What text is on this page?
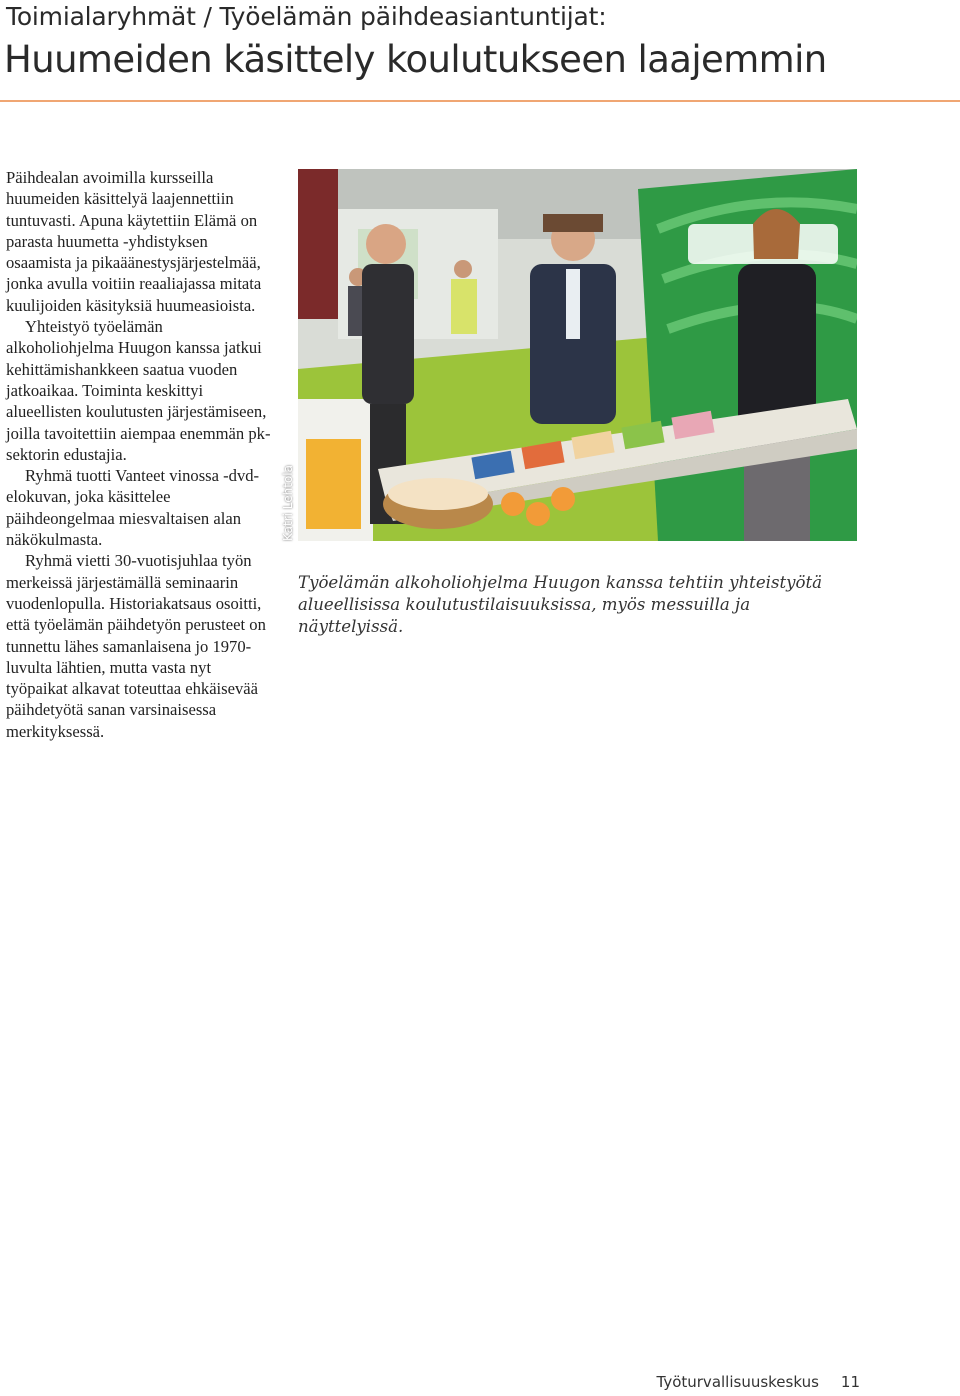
Toimialaryhmät / Työelämän päihdeasiantuntijat:
Huumeiden käsittely koulutukseen laajemmin

Päihdealan avoimilla kursseilla huumeiden käsittelyä laajennettiin tuntuvasti. Apuna käytettiin Elämä on parasta huumetta -yhdistyksen osaamista ja pikaäänestysjärjestelmää, jonka avulla voitiin reaaliajassa mitata kuulijoiden käsityksiä huumeasioista.

Yhteistyö työelämän alkoholiohjelma Huugon kanssa jatkui kehittämishankkeen saatua vuoden jatkoaikaa. Toiminta keskittyi alueellisten koulutusten järjestämiseen, joilla tavoitettiin aiempaa enemmän pk-sektorin edustajia.

Ryhmä tuotti Vanteet vinossa -dvd-elokuvan, joka käsittelee päihdeongelmaa miesvaltaisen alan näkökulmasta.

Ryhmä vietti 30-vuotisjuhlaa työn merkeissä järjestämällä seminaarin vuodenlopulla. Historiakatsaus osoitti, että työelämän päihdetyön perusteet on tunnettu lähes samanlaisena jo 1970-luvulta lähtien, mutta vasta nyt työpaikat alkavat toteuttaa ehkäisevää päihdetyötä sanan varsinaisessa merkityksessä.

Katri Lehtola
Työelämän alkoholiohjelma Huugon kanssa tehtiin yhteistyötä alueellisissa koulutustilaisuuksissa, myös messuilla ja näyttelyissä.
Työturvallisuuskeskus 11
